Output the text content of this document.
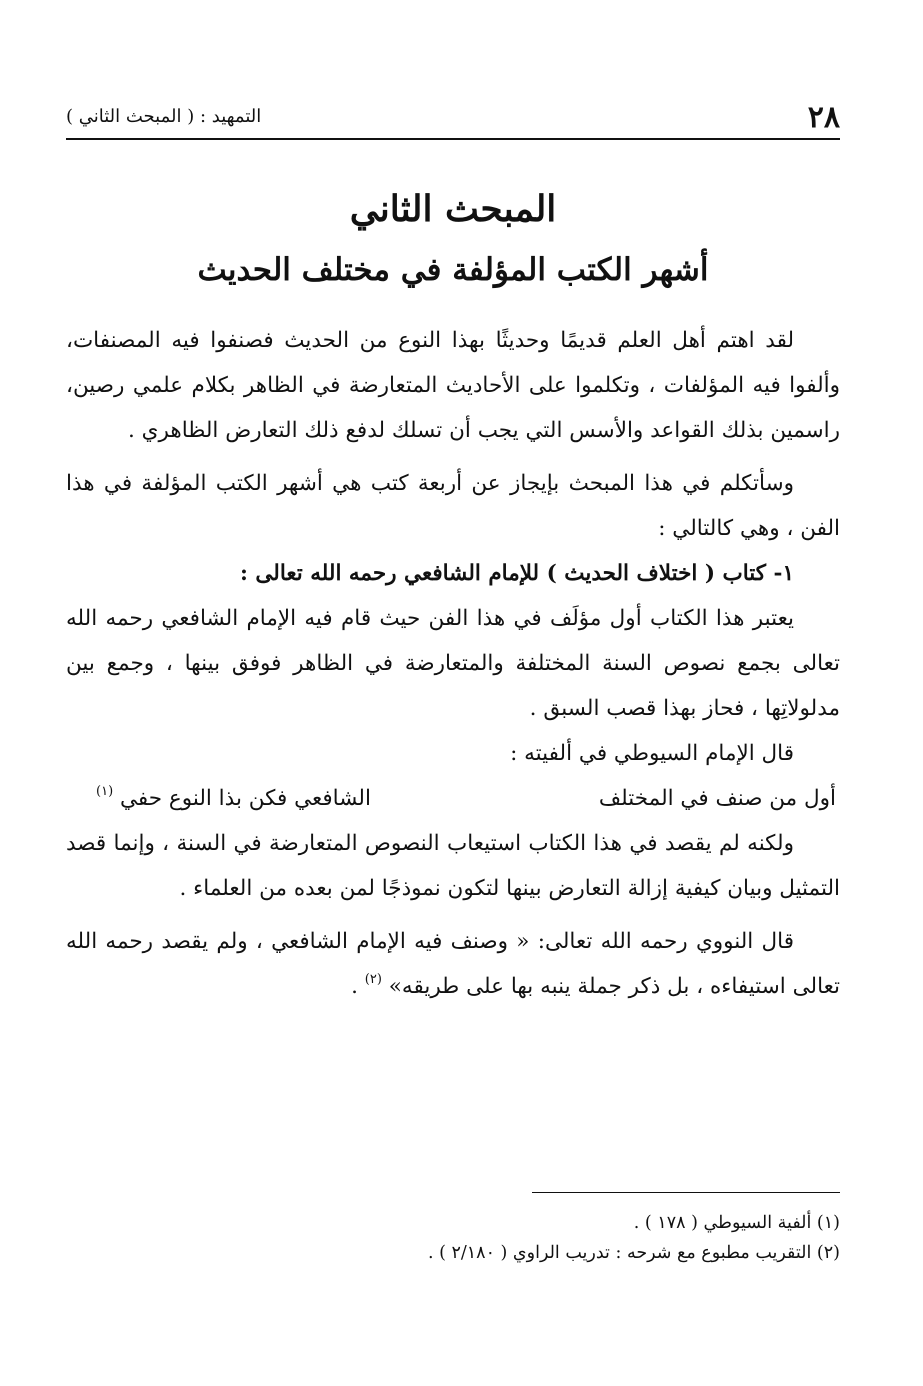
٢٨
التمهيد : ( المبحث الثاني )
المبحث الثاني
أشهر الكتب المؤلفة في مختلف الحديث

لقد اهتم أهل العلم قديمًا وحديثًا بهذا النوع من الحديث فصنفوا فيه المصنفات، وألفوا فيه المؤلفات ، وتكلموا على الأحاديث المتعارضة في الظاهر بكلام علمي رصين، راسمين بذلك القواعد والأسس التي يجب أن تسلك لدفع ذلك التعارض الظاهري .

وسأتكلم في هذا المبحث بإيجاز عن أربعة كتب هي أشهر الكتب المؤلفة في هذا الفن ، وهي كالتالي :

١- كتاب ( اختلاف الحديث ) للإمام الشافعي رحمه الله تعالى :

يعتبر هذا الكتاب أول مؤلَف في هذا الفن حيث قام فيه الإمام الشافعي رحمه الله تعالى بجمع نصوص السنة المختلفة والمتعارضة في الظاهر فوفق بينها ، وجمع بين مدلولاتِها ، فحاز بهذا قصب السبق .

قال الإمام السيوطي في ألفيته :

أول من صنف في المختلف
الشافعي فكن بذا النوع حفي $^{(١)}$

ولكنه لم يقصد في هذا الكتاب استيعاب النصوص المتعارضة في السنة ، وإنما قصد التمثيل وبيان كيفية إزالة التعارض بينها لتكون نموذجًا لمن بعده من العلماء .

قال النووي رحمه الله تعالى: « وصنف فيه الإمام الشافعي ، ولم يقصد رحمه الله تعالى استيفاءه ، بل ذكر جملة ينبه بها على طريقه» $^{(٢)}$ .

(١) ألفية السيوطي ( ١٧٨ ) .

(٢) التقريب مطبوع مع شرحه : تدريب الراوي ( ٢/١٨٠ ) .
